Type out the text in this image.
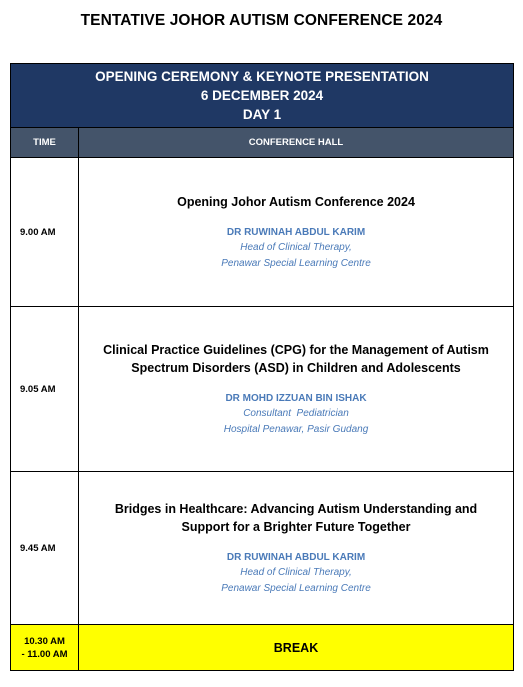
TENTATIVE JOHOR AUTISM CONFERENCE 2024
OPENING CEREMONY & KEYNOTE PRESENTATION
6 DECEMBER 2024
DAY 1	

TIME	CONFERENCE HALL
9.00 AM	Opening Johor Autism Conference 2024
DR RUWINAH ABDUL KARIM
Head of Clinical Therapy,
Penawar Special Learning Centre

9.05 AM	Clinical Practice Guidelines (CPG) for the Management of Autism
Spectrum Disorders (ASD) in Children and Adolescents
DR MOHD IZZUAN BIN ISHAK
Consultant  Pediatrician
Hospital Penawar, Pasir Gudang

9.45 AM	Bridges in Healthcare: Advancing Autism Understanding and
Support for a Brighter Future Together
DR RUWINAH ABDUL KARIM
Head of Clinical Therapy,
Penawar Special Learning Centre

10.30 AM
- 11.00 AM	BREAK
